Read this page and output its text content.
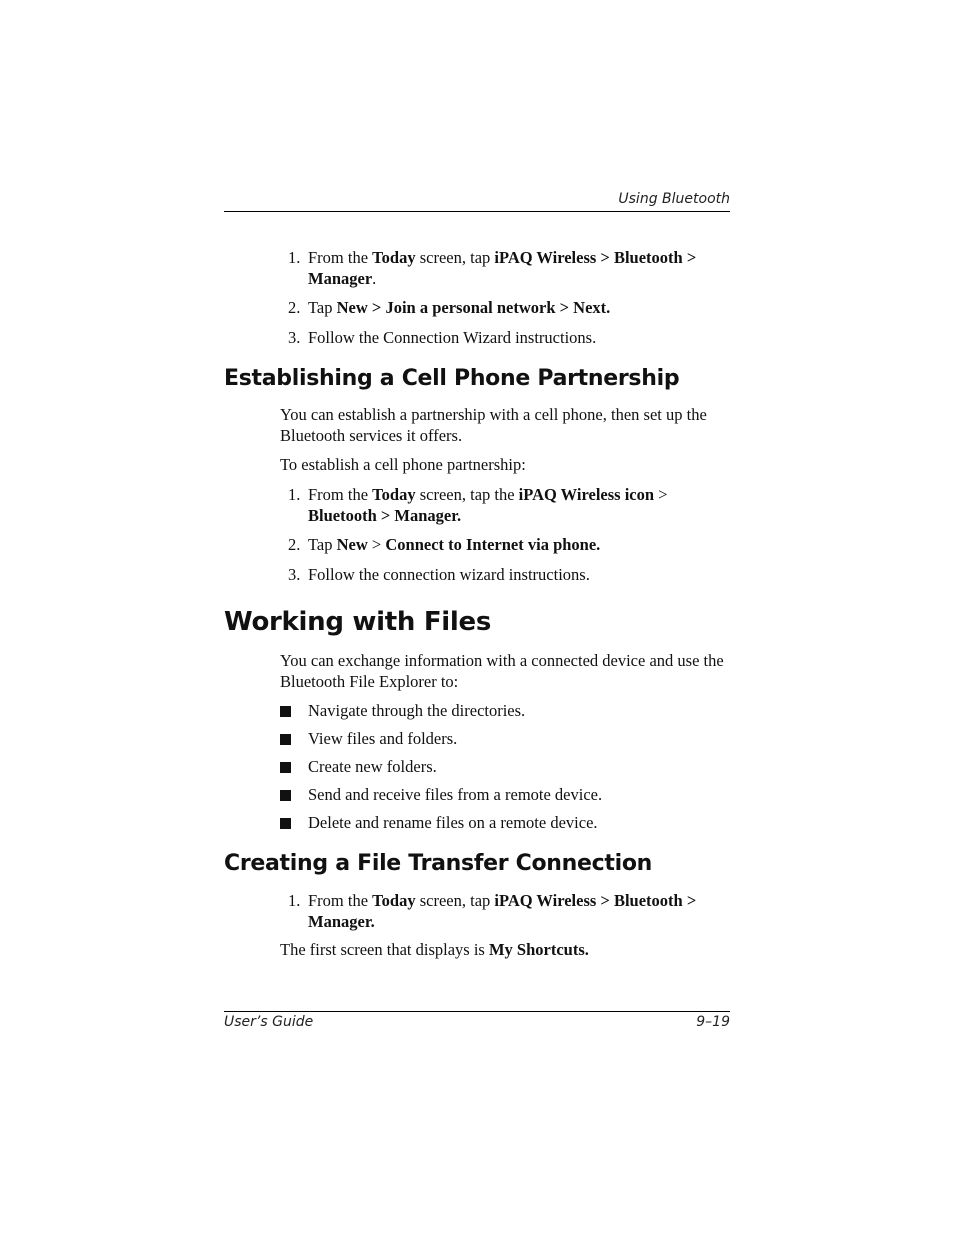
Using Bluetooth
1. From the Today screen, tap iPAQ Wireless > Bluetooth > Manager.
2. Tap New > Join a personal network > Next.
3. Follow the Connection Wizard instructions.
Establishing a Cell Phone Partnership

You can establish a partnership with a cell phone, then set up the Bluetooth services it offers.

To establish a cell phone partnership:

1. From the Today screen, tap the iPAQ Wireless icon > Bluetooth > Manager.
2. Tap New > Connect to Internet via phone.
3. Follow the connection wizard instructions.
Working with Files

You can exchange information with a connected device and use the Bluetooth File Explorer to:

Navigate through the directories.
View files and folders.
Create new folders.
Send and receive files from a remote device.
Delete and rename files on a remote device.
Creating a File Transfer Connection
1. From the Today screen, tap iPAQ Wireless > Bluetooth > Manager.

The first screen that displays is My Shortcuts.

User’s Guide	9–19
